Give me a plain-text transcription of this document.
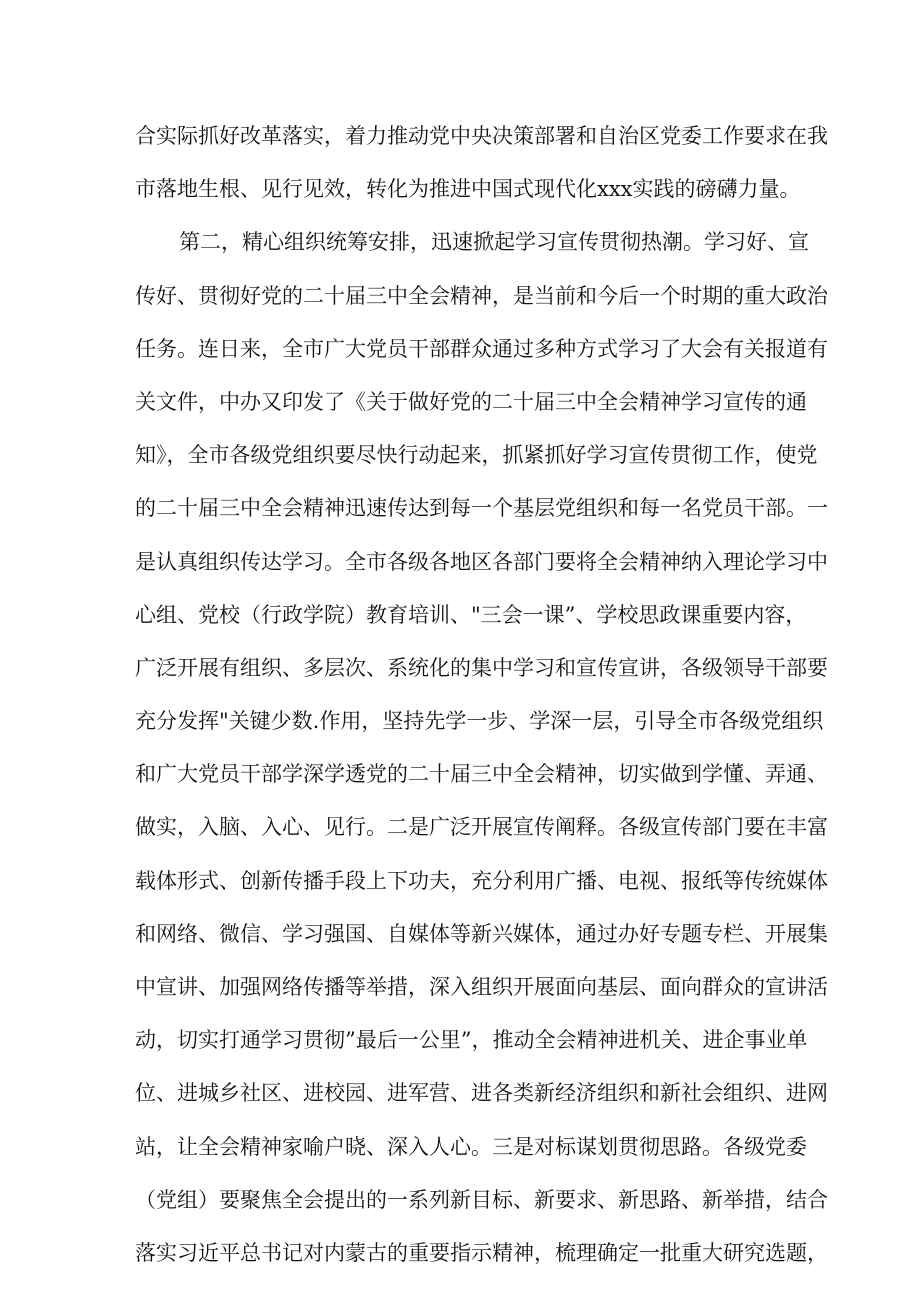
合实际抓好改革落实，着力推动党中央决策部署和自治区党委工作要求在我
市落地生根、见行见效，转化为推进中国式现代化xxx实践的磅礴力量。
第二，精心组织统筹安排，迅速掀起学习宣传贯彻热潮。学习好、宣
传好、贯彻好党的二十届三中全会精神，是当前和今后一个时期的重大政治
任务。连日来，全市广大党员干部群众通过多种方式学习了大会有关报道有
关文件，中办又印发了《关于做好党的二十届三中全会精神学习宣传的通
知》，全市各级党组织要尽快行动起来，抓紧抓好学习宣传贯彻工作，使党
的二十届三中全会精神迅速传达到每一个基层党组织和每一名党员干部。一
是认真组织传达学习。全市各级各地区各部门要将全会精神纳入理论学习中
心组、党校（行政学院）教育培训、"三会一课”、学校思政课重要内容，
广泛开展有组织、多层次、系统化的集中学习和宣传宣讲，各级领导干部要
充分发挥"关键少数.作用，坚持先学一步、学深一层，引导全市各级党组织
和广大党员干部学深学透党的二十届三中全会精神，切实做到学懂、弄通、
做实，入脑、入心、见行。二是广泛开展宣传阐释。各级宣传部门要在丰富
载体形式、创新传播手段上下功夫，充分利用广播、电视、报纸等传统媒体
和网络、微信、学习强国、自媒体等新兴媒体，通过办好专题专栏、开展集
中宣讲、加强网络传播等举措，深入组织开展面向基层、面向群众的宣讲活
动，切实打通学习贯彻”最后一公里”，推动全会精神进机关、进企事业单
位、进城乡社区、进校园、进军营、进各类新经济组织和新社会组织、进网
站，让全会精神家喻户晓、深入人心。三是对标谋划贯彻思路。各级党委
（党组）要聚焦全会提出的一系列新目标、新要求、新思路、新举措，结合
落实习近平总书记对内蒙古的重要指示精神，梳理确定一批重大研究选题，
